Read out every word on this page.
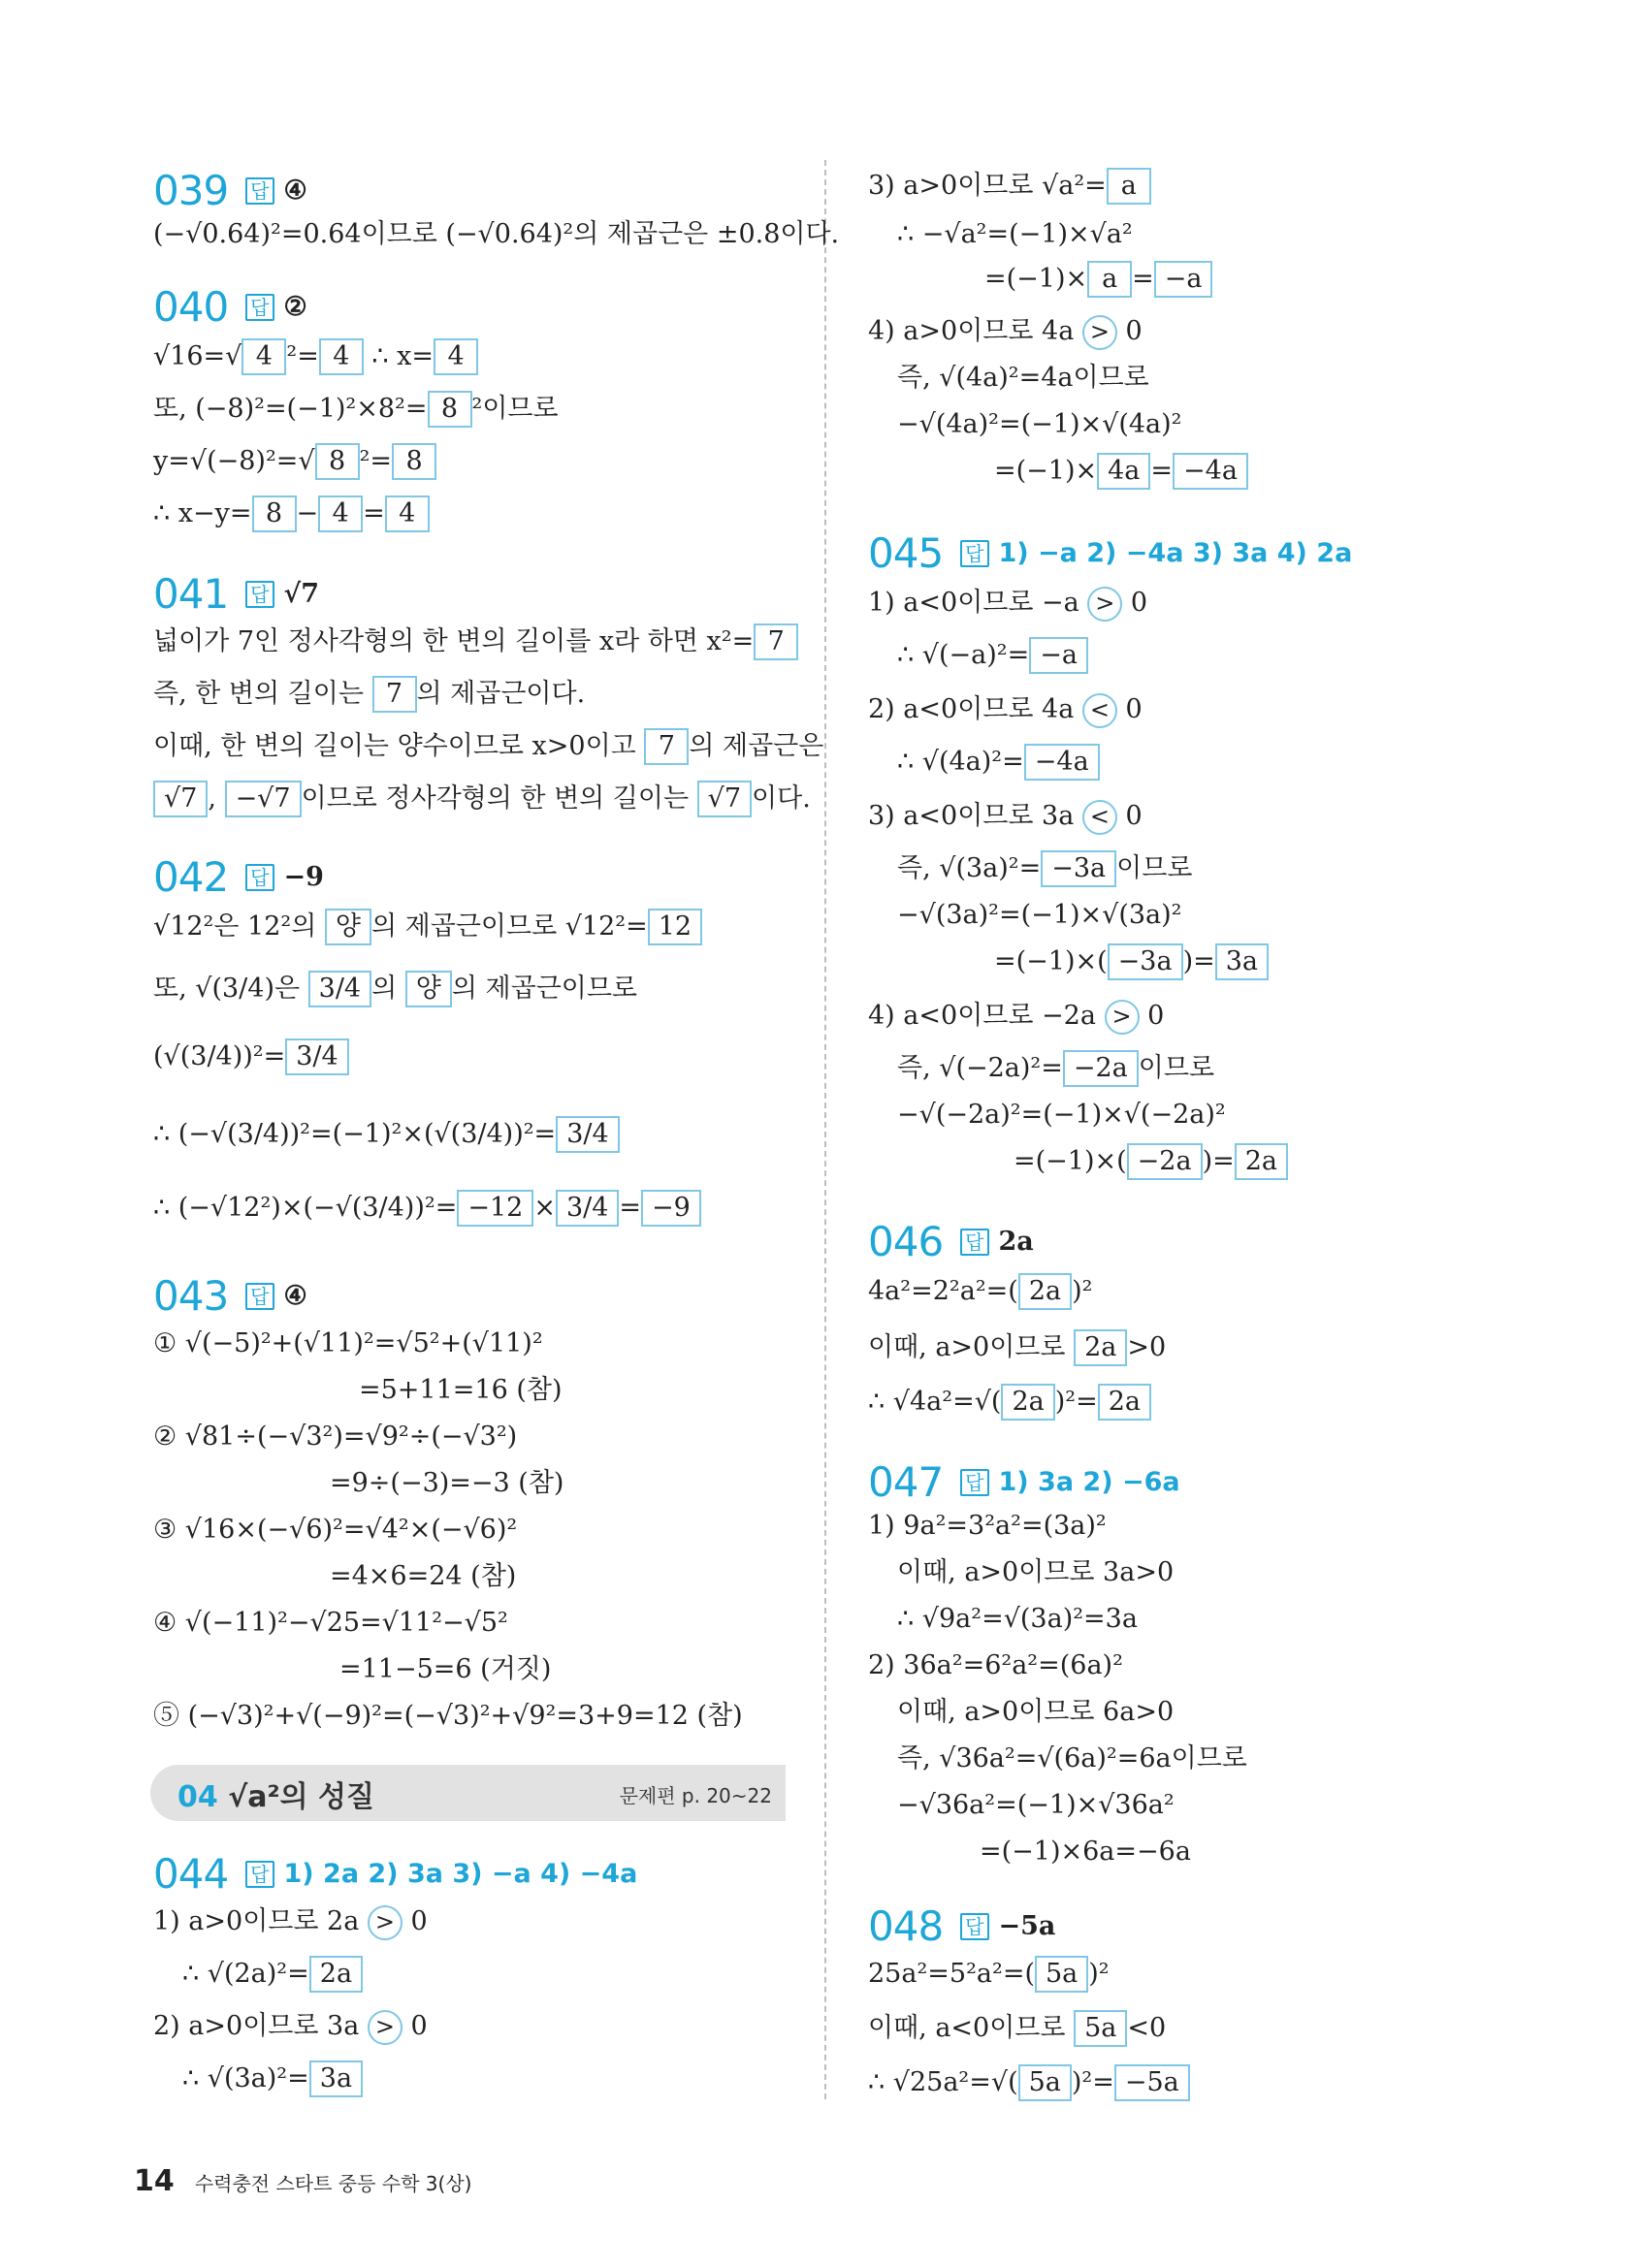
039 답 ④
(−√0.64)²=0.64이므로 (−√0.64)²의 제곱근은 ±0.8이다.
040 답 ②
√16=√ 4 ²= 4 ∴ x= 4
또, (−8)²=(−1)²×8²= 8 ²이므로
y=√(−8)²=√ 8 ²= 8
∴ x−y= 8 − 4 = 4
041 답 √7
넓이가 7인 정사각형의 한 변의 길이를 x라 하면 x²= 7
즉, 한 변의 길이는 7 의 제곱근이다.
이때, 한 변의 길이는 양수이므로 x>0이고 7 의 제곱근은
√7 , −√7 이므로 정사각형의 한 변의 길이는 √7 이다.
042 답 −9
√12²은 12²의 양 의 제곱근이므로 √12²= 12
또, √(3/4)은 3/4 의 양 의 제곱근이므로
(√(3/4))²= 3/4
∴ (−√(3/4))²=(−1)²×(√(3/4))²= 3/4
∴ (−√12²)×(−√(3/4))²= −12 × 3/4 = −9
043 답 ④
① √(−5)²+(√11)²=√5²+(√11)²
=5+11=16 (참)
② √81÷(−√3²)=√9²÷(−√3²)
=9÷(−3)=−3 (참)
③ √16×(−√6)²=√4²×(−√6)²
=4×6=24 (참)
④ √(−11)²−√25=√11²−√5²
=11−5=6 (거짓)
⑤ (−√3)²+√(−9)²=(−√3)²+√9²=3+9=12 (참)
04 √a²의 성질	문제편 p. 20~22
044 답 1) 2a 2) 3a 3) −a 4) −4a
1) a>0이므로 2a > 0
∴ √(2a)²= 2a
2) a>0이므로 3a > 0
∴ √(3a)²= 3a
3) a>0이므로 √a²= a
∴ −√a²=(−1)×√a²
=(−1)× a = −a
4) a>0이므로 4a > 0
즉, √(4a)²=4a이므로
−√(4a)²=(−1)×√(4a)²
=(−1)× 4a = −4a
045 답 1) −a 2) −4a 3) 3a 4) 2a
1) a<0이므로 −a > 0
∴ √(−a)²= −a
2) a<0이므로 4a < 0
∴ √(4a)²= −4a
3) a<0이므로 3a < 0
즉, √(3a)²= −3a 이므로
−√(3a)²=(−1)×√(3a)²
=(−1)×( −3a )= 3a
4) a<0이므로 −2a > 0
즉, √(−2a)²= −2a 이므로
−√(−2a)²=(−1)×√(−2a)²
=(−1)×( −2a )= 2a
046 답 2a
4a²=2²a²=( 2a )²
이때, a>0이므로 2a >0
∴ √4a²=√( 2a )²= 2a
047 답 1) 3a 2) −6a
1) 9a²=3²a²=(3a)²
이때, a>0이므로 3a>0
∴ √9a²=√(3a)²=3a
2) 36a²=6²a²=(6a)²
이때, a>0이므로 6a>0
즉, √36a²=√(6a)²=6a이므로
−√36a²=(−1)×√36a²
=(−1)×6a=−6a
048 답 −5a
25a²=5²a²=( 5a )²
이때, a<0이므로 5a <0
∴ √25a²=√( 5a )²= −5a
14 수력충전 스타트 중등 수학 3(상)
